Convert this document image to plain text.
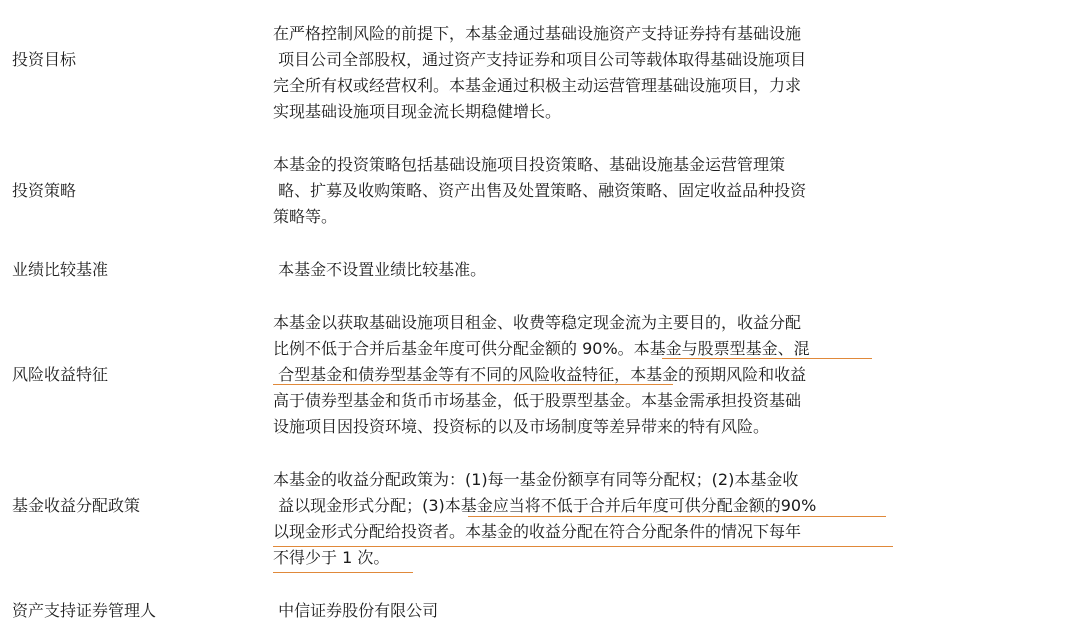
投资目标
在严格控制风险的前提下，本基金通过基础设施资产支持证券持有基础设施
项目公司全部股权，通过资产支持证券和项目公司等载体取得基础设施项目
完全所有权或经营权利。本基金通过积极主动运营管理基础设施项目，力求
实现基础设施项目现金流长期稳健增长。
投资策略
本基金的投资策略包括基础设施项目投资策略、基础设施基金运营管理策
略、扩募及收购策略、资产出售及处置策略、融资策略、固定收益品种投资
策略等。
业绩比较基准	本基金不设置业绩比较基准。
风险收益特征
本基金以获取基础设施项目租金、收费等稳定现金流为主要目的，收益分配
比例不低于合并后基金年度可供分配金额的 90%。本基金与股票型基金、混
合型基金和债券型基金等有不同的风险收益特征，本基金的预期风险和收益
高于债券型基金和货币市场基金，低于股票型基金。本基金需承担投资基础
设施项目因投资环境、投资标的以及市场制度等差异带来的特有风险。
基金收益分配政策
本基金的收益分配政策为：(1)每一基金份额享有同等分配权；(2)本基金收
益以现金形式分配；(3)本基金应当将不低于合并后年度可供分配金额的90%
以现金形式分配给投资者。本基金的收益分配在符合分配条件的情况下每年
不得少于 1 次。
资产支持证券管理人	中信证券股份有限公司
